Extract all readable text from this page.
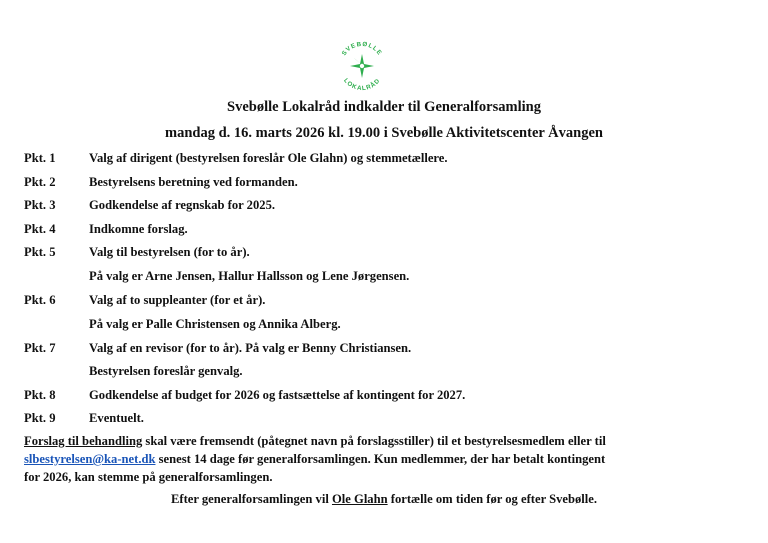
SVEBØLLE
LOKALRÅD
Svebølle Lokalråd indkalder til Generalforsamling
mandag d. 16. marts 2026 kl. 19.00 i Svebølle Aktivitetscenter Åvangen
Pkt. 1	Valg af dirigent (bestyrelsen foreslår Ole Glahn) og stemmetællere.
Pkt. 2	Bestyrelsens beretning ved formanden.
Pkt. 3	Godkendelse af regnskab for 2025.
Pkt. 4	Indkomne forslag.
Pkt. 5	Valg til bestyrelsen (for to år).
På valg er Arne Jensen, Hallur Hallsson og Lene Jørgensen.
Pkt. 6	Valg af to suppleanter (for et år).
På valg er Palle Christensen og Annika Alberg.
Pkt. 7	Valg af en revisor (for to år). På valg er Benny Christiansen.
Bestyrelsen foreslår genvalg.
Pkt. 8	Godkendelse af budget for 2026 og fastsættelse af kontingent for 2027.
Pkt. 9	Eventuelt.
Forslag til behandling skal være fremsendt (påtegnet navn på forslagsstiller) til et bestyrelsesmedlem eller til
slbestyrelsen@ka-net.dk senest 14 dage før generalforsamlingen. Kun medlemmer, der har betalt kontingent
for 2026, kan stemme på generalforsamlingen.
Efter generalforsamlingen vil Ole Glahn fortælle om tiden før og efter Svebølle.
